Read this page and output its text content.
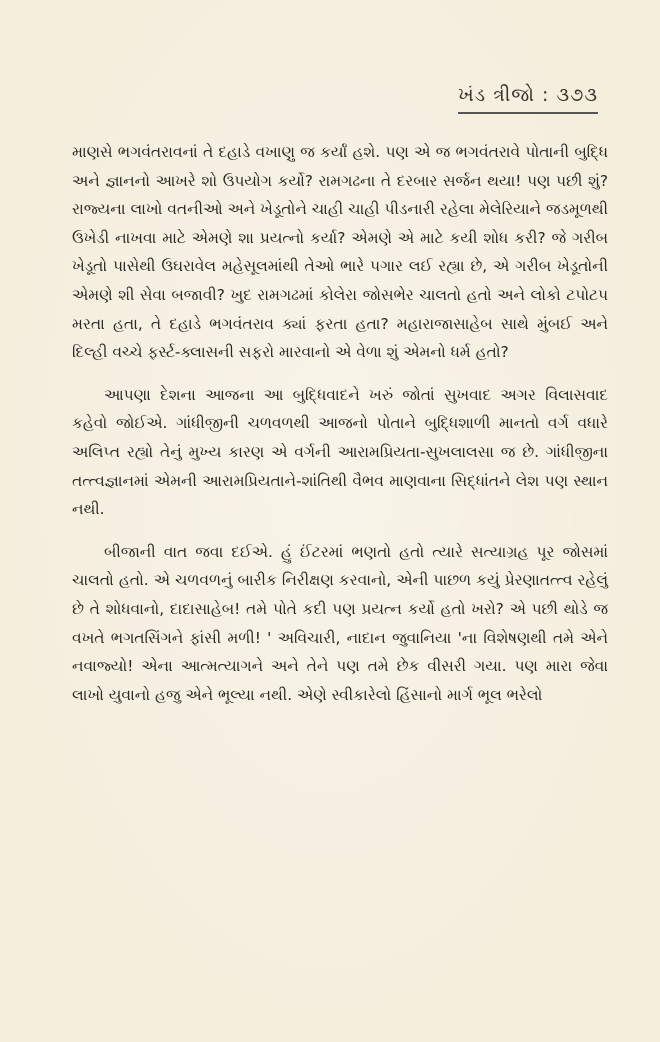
ખંડ ત્રીજો : ૩૭૩

માણસે ભગવંતરાવનાં તે દહાડે વખાણુ જ કર્યાં હશે. પણ એ જ ભગવંતરાવે પોતાની બુદ્ધિ અને જ્ઞાનનો આખરે શો ઉપયોગ કર્યો? રામગઢના તે દરબાર સર્જન થયા! પણ પછી શું? રાજ્યના લાખો વતનીઓ અને ખેડૂતોને ચાહી ચાહી પીડનારી રહેલા મેલેરિયાને જડમૂળથી ઉખેડી નાખવા માટે એમણે શા પ્રયત્નો કર્યા? એમણે એ માટે કયી શોધ કરી? જે ગરીબ ખેડૂતો પાસેથી ઉઘરાવેલ મહેસૂલમાંથી તેઓ ભારે પગાર લઈ રહ્યા છે, એ ગરીબ ખેડૂતોની એમણે શી સેવા બજાવી? ખુદ રામગઢમાં કોલેરા જોસભેર ચાલતો હતો અને લોકો ટપોટપ મરતા હતા, તે દહાડે ભગવંતરાવ ક્યાં ફરતા હતા? મહારાજાસાહેબ સાથે મુંબઈ અને દિલ્હી વચ્ચે ફર્સ્ટ-ક્લાસની સફરો મારવાનો એ વેળા શું એમનો ધર્મ હતો?

આપણા દેશના આજના આ બુદ્ધિવાદને ખરું જોતાં સુખવાદ અગર વિલાસવાદ કહેવો જોઈએ. ગાંધીજીની ચળવળથી આજનો પોતાને બુદ્ધિશાળી માનતો વર્ગ વધારે અલિપ્ત રહ્યો તેનું મુખ્ય કારણ એ વર્ગની આરામપ્રિયતા-સુખલાલસા જ છે. ગાંધીજીના તત્ત્વજ્ઞાનમાં એમની આરામપ્રિયતાને-શાંતિથી વૈભવ માણવાના સિદ્ધાંતને લેશ પણ સ્થાન નથી.

બીજાની વાત જવા દઈએ. હું ઈંટરમાં ભણતો હતો ત્યારે સત્યાગ્રહ પૂર જોસમાં ચાલતો હતો. એ ચળવળનું બારીક નિરીક્ષણ કરવાનો, એની પાછળ કયું પ્રેરણાતત્ત્વ રહેલું છે તે શોધવાનો, દાદાસાહેબ! તમે પોતે કદી પણ પ્રયત્ન કર્યો હતો ખરો? એ પછી થોડે જ વખતે ભગતસિંગને ફાંસી મળી! ' અવિચારી, નાદાન જુવાનિયા 'ના વિશેષણથી તમે એને નવાજ્યો! એના આત્મત્યાગને અને તેને પણ તમે છેક વીસરી ગયા. પણ મારા જેવા લાખો યુવાનો હજુ એને ભૂલ્યા નથી. એણે સ્વીકારેલો હિંસાનો માર્ગ ભૂલ ભરેલો
